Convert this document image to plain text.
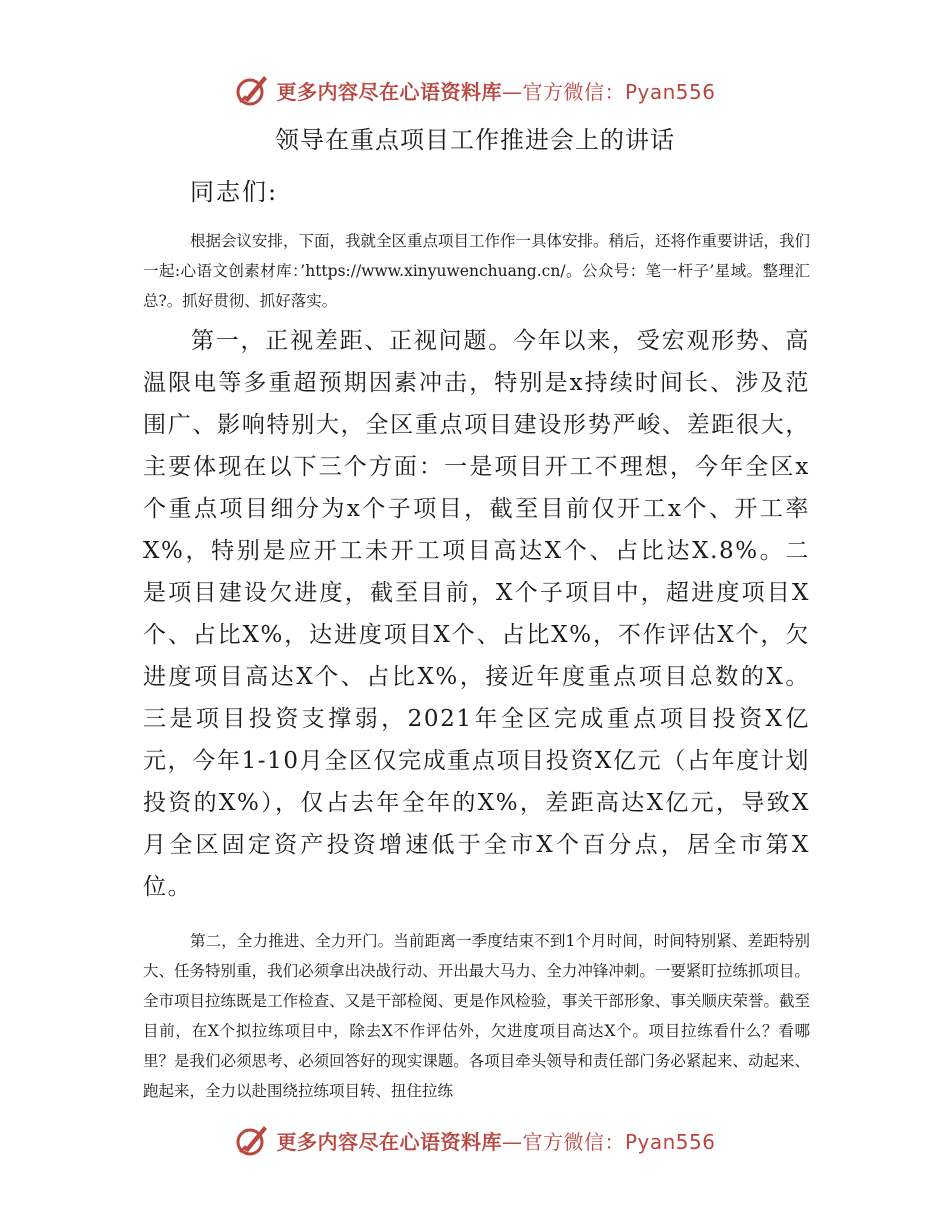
更多内容尽在心语资料库—官方微信：Pyan556
领导在重点项目工作推进会上的讲话
同志们:

根据会议安排，下面，我就全区重点项目工作作一具体安排。稍后，还将作重要讲话，我们一起:心语文创素材库：’https://www.xinyuwenchuang.cn/。公众号：笔一杆子’星域。整理汇总?。抓好贯彻、抓好落实。

第一，正视差距、正视问题。今年以来，受宏观形势、高温限电等多重超预期因素冲击，特别是x持续时间长、涉及范围广、影响特别大，全区重点项目建设形势严峻、差距很大，主要体现在以下三个方面：一是项目开工不理想，今年全区x个重点项目细分为x个子项目，截至目前仅开工x个、开工率X%，特别是应开工未开工项目高达X个、占比达X.8%。二是项目建设欠进度，截至目前，X个子项目中，超进度项目X个、占比X%，达进度项目X个、占比X%，不作评估X个，欠进度项目高达X个、占比X%，接近年度重点项目总数的X。三是项目投资支撑弱，2021年全区完成重点项目投资X亿元，今年1-10月全区仅完成重点项目投资X亿元（占年度计划投资的X%），仅占去年全年的X%，差距高达X亿元，导致X月全区固定资产投资增速低于全市X个百分点，居全市第X位。

第二，全力推进、全力开门。当前距离一季度结束不到1个月时间，时间特别紧、差距特别大、任务特别重，我们必须拿出决战行动、开出最大马力、全力冲锋冲刺。一要紧盯拉练抓项目。全市项目拉练既是工作检查、又是干部检阅、更是作风检验，事关干部形象、事关顺庆荣誉。截至目前，在X个拟拉练项目中，除去X不作评估外，欠进度项目高达X个。项目拉练看什么？看哪里？是我们必须思考、必须回答好的现实课题。各项目牵头领导和责任部门务必紧起来、动起来、跑起来，全力以赴围绕拉练项目转、扭住拉练

更多内容尽在心语资料库—官方微信：Pyan556
